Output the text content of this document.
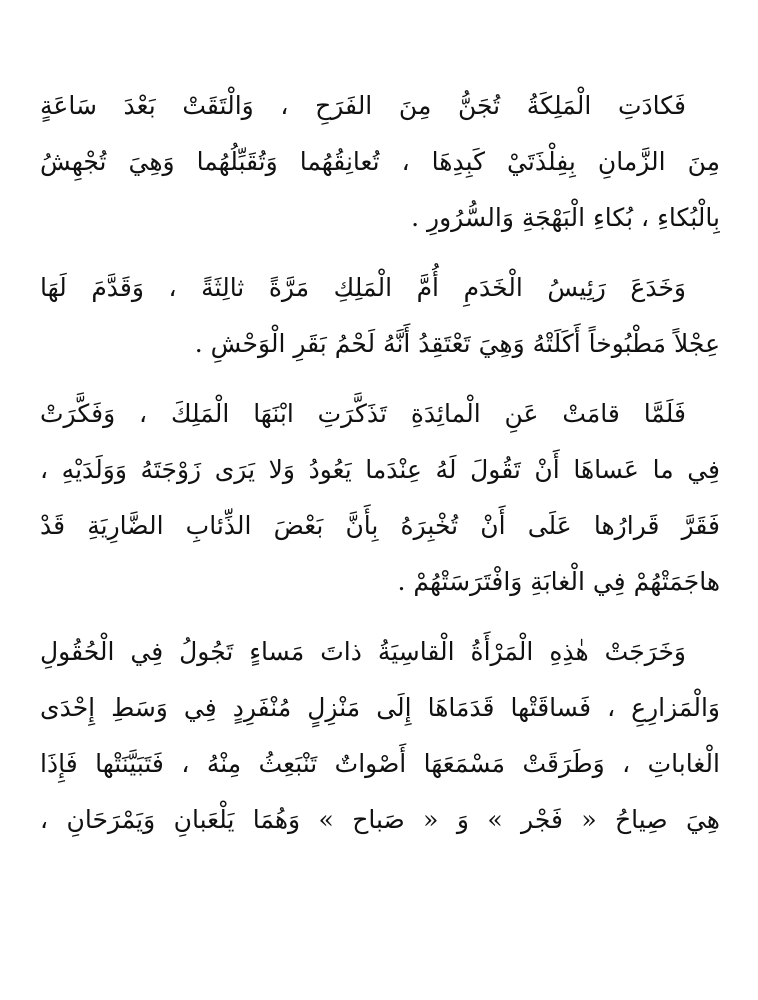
فَكادَتِ الْمَلِكَةُ تُجَنُّ مِنَ الفَرَحِ ، وَالْتَقَتْ بَعْدَ سَاعَةٍ
مِنَ الزَّمانِ بِفِلْذَتَيْ كَبِدِهَا ، تُعانِقُهُما وَتُقَبِّلُهُما وَهِيَ تُجْهِشُ
بِالْبُكاءِ ، بُكاءِ الْبَهْجَةِ وَالسُّرُورِ .
وَخَدَعَ رَئِيسُ الْخَدَمِ أُمَّ الْمَلِكِ مَرَّةً ثالِثَةً ، وَقَدَّمَ لَهَا
عِجْلاً مَطْبُوخاً أَكَلَتْهُ وَهِيَ تَعْتَقِدُ أَنَّهُ لَحْمُ بَقَرِ الْوَحْشِ .
فَلَمَّا قامَتْ عَنِ الْمائِدَةِ تَذَكَّرَتِ ابْنَهَا الْمَلِكَ ، وَفَكَّرَتْ
فِي ما عَساهَا أَنْ تَقُولَ لَهُ عِنْدَما يَعُودُ وَلا يَرَى زَوْجَتَهُ وَوَلَدَيْهِ ،
فَقَرَّ قَرارُها عَلَى أَنْ تُخْبِرَهُ بِأَنَّ بَعْضَ الذِّئابِ الضَّارِيَةِ قَدْ
هاجَمَتْهُمْ فِي الْغابَةِ وَافْتَرَسَتْهُمْ .
وَخَرَجَتْ هٰذِهِ الْمَرْأَةُ الْقاسِيَةُ ذاتَ مَساءٍ تَجُولُ فِي الْحُقُولِ
وَالْمَزارِعِ ، فَساقَتْها قَدَمَاهَا إِلَى مَنْزِلٍ مُنْفَرِدٍ فِي وَسَطِ إِحْدَى
الْغاباتِ ، وَطَرَقَتْ مَسْمَعَهَا أَصْواتٌ تَنْبَعِثُ مِنْهُ ، فَتَبَيَّنَتْها فَإِذَا
هِيَ صِياحُ « فَجْر » وَ « صَباح » وَهُمَا يَلْعَبانِ وَيَمْرَحَانِ ،
